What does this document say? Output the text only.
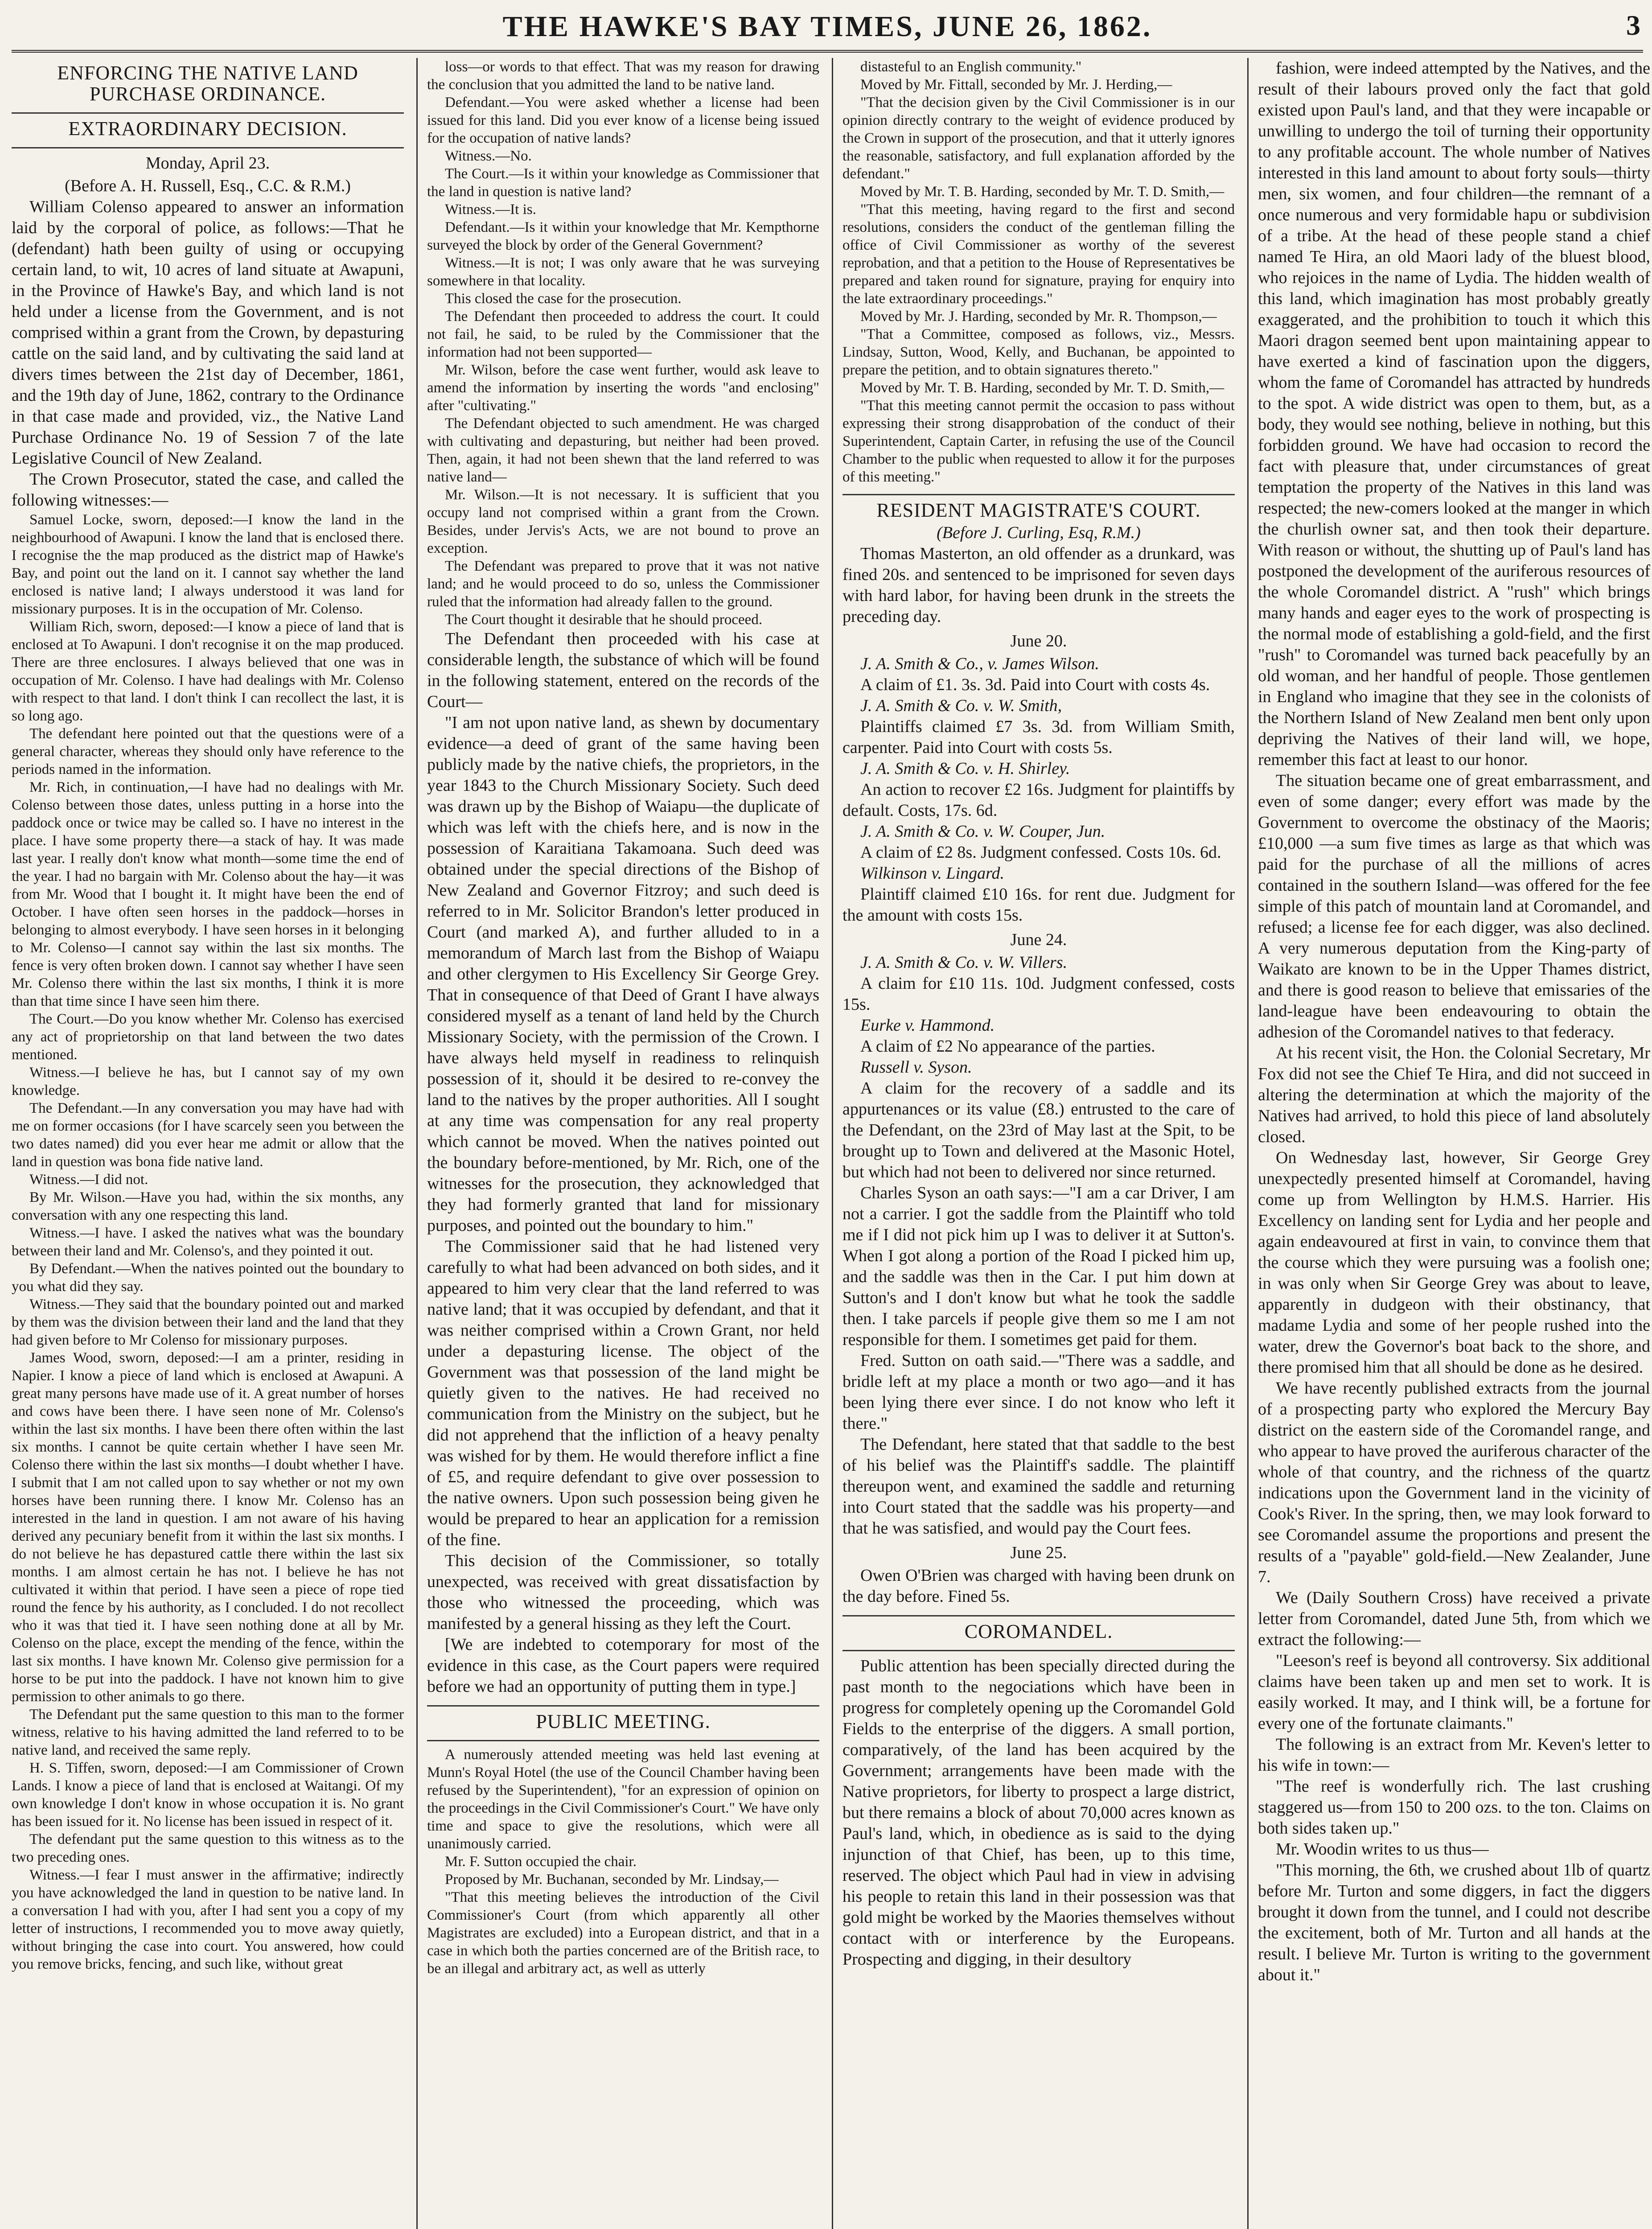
THE HAWKE'S BAY TIMES, JUNE 26, 1862.	3
ENFORCING THE NATIVE LAND PURCHASE ORDINANCE.
EXTRAORDINARY DECISION.
Monday, April 23.
(Before A. H. Russell, Esq., C.C. & R.M.)

William Colenso appeared to answer an information laid by the corporal of police, as follows:—That he (defendant) hath been guilty of using or occupying certain land, to wit, 10 acres of land situate at Awapuni, in the Province of Hawke's Bay, and which land is not held under a license from the Government, and is not comprised within a grant from the Crown, by depasturing cattle on the said land, and by cultivating the said land at divers times between the 21st day of December, 1861, and the 19th day of June, 1862, contrary to the Ordinance in that case made and provided, viz., the Native Land Purchase Ordinance No. 19 of Session 7 of the late Legislative Council of New Zealand.

The Crown Prosecutor, stated the case, and called the following witnesses:—

Samuel Locke, sworn, deposed:—I know the land in the neighbourhood of Awapuni. I know the land that is enclosed there. I recognise the the map produced as the district map of Hawke's Bay, and point out the land on it. I cannot say whether the land enclosed is native land; I always understood it was land for missionary purposes. It is in the occupation of Mr. Colenso.

William Rich, sworn, deposed:—I know a piece of land that is enclosed at To Awapuni. I don't recognise it on the map produced. There are three enclosures. I always believed that one was in occupation of Mr. Colenso. I have had dealings with Mr. Colenso with respect to that land. I don't think I can recollect the last, it is so long ago.

The defendant here pointed out that the questions were of a general character, whereas they should only have reference to the periods named in the information.

Mr. Rich, in continuation,—I have had no dealings with Mr. Colenso between those dates, unless putting in a horse into the paddock once or twice may be called so. I have no interest in the place. I have some property there—a stack of hay. It was made last year. I really don't know what month—some time the end of the year. I had no bargain with Mr. Colenso about the hay—it was from Mr. Wood that I bought it. It might have been the end of October. I have often seen horses in the paddock—horses in belonging to almost everybody. I have seen horses in it belonging to Mr. Colenso—I cannot say within the last six months. The fence is very often broken down. I cannot say whether I have seen Mr. Colenso there within the last six months, I think it is more than that time since I have seen him there.

The Court.—Do you know whether Mr. Colenso has exercised any act of proprietorship on that land between the two dates mentioned.

Witness.—I believe he has, but I cannot say of my own knowledge.

The Defendant.—In any conversation you may have had with me on former occasions (for I have scarcely seen you between the two dates named) did you ever hear me admit or allow that the land in question was bona fide native land.

Witness.—I did not.

By Mr. Wilson.—Have you had, within the six months, any conversation with any one respecting this land.

Witness.—I have. I asked the natives what was the boundary between their land and Mr. Colenso's, and they pointed it out.

By Defendant.—When the natives pointed out the boundary to you what did they say.

Witness.—They said that the boundary pointed out and marked by them was the division between their land and the land that they had given before to Mr Colenso for missionary purposes.

James Wood, sworn, deposed:—I am a printer, residing in Napier. I know a piece of land which is enclosed at Awapuni. A great many persons have made use of it. A great number of horses and cows have been there. I have seen none of Mr. Colenso's within the last six months. I have been there often within the last six months. I cannot be quite certain whether I have seen Mr. Colenso there within the last six months—I doubt whether I have. I submit that I am not called upon to say whether or not my own horses have been running there. I know Mr. Colenso has an interested in the land in question. I am not aware of his having derived any pecuniary benefit from it within the last six months. I do not believe he has depastured cattle there within the last six months. I am almost certain he has not. I believe he has not cultivated it within that period. I have seen a piece of rope tied round the fence by his authority, as I concluded. I do not recollect who it was that tied it. I have seen nothing done at all by Mr. Colenso on the place, except the mending of the fence, within the last six months. I have known Mr. Colenso give permission for a horse to be put into the paddock. I have not known him to give permission to other animals to go there.

The Defendant put the same question to this man to the former witness, relative to his having admitted the land referred to to be native land, and received the same reply.

H. S. Tiffen, sworn, deposed:—I am Commissioner of Crown Lands. I know a piece of land that is enclosed at Waitangi. Of my own knowledge I don't know in whose occupation it is. No grant has been issued for it. No license has been issued in respect of it.

The defendant put the same question to this witness as to the two preceding ones.

Witness.—I fear I must answer in the affirmative; indirectly you have acknowledged the land in question to be native land. In a conversation I had with you, after I had sent you a copy of my letter of instructions, I recommended you to move away quietly, without bringing the case into court. You answered, how could you remove bricks, fencing, and such like, without great

loss—or words to that effect. That was my reason for drawing the conclusion that you admitted the land to be native land.

Defendant.—You were asked whether a license had been issued for this land. Did you ever know of a license being issued for the occupation of native lands?

Witness.—No.

The Court.—Is it within your knowledge as Commissioner that the land in question is native land?

Witness.—It is.

Defendant.—Is it within your knowledge that Mr. Kempthorne surveyed the block by order of the General Government?

Witness.—It is not; I was only aware that he was surveying somewhere in that locality.

This closed the case for the prosecution.

The Defendant then proceeded to address the court. It could not fail, he said, to be ruled by the Commissioner that the information had not been supported—

Mr. Wilson, before the case went further, would ask leave to amend the information by inserting the words "and enclosing" after "cultivating."

The Defendant objected to such amendment. He was charged with cultivating and depasturing, but neither had been proved. Then, again, it had not been shewn that the land referred to was native land—

Mr. Wilson.—It is not necessary. It is sufficient that you occupy land not comprised within a grant from the Crown. Besides, under Jervis's Acts, we are not bound to prove an exception.

The Defendant was prepared to prove that it was not native land; and he would proceed to do so, unless the Commissioner ruled that the information had already fallen to the ground.

The Court thought it desirable that he should proceed.

The Defendant then proceeded with his case at considerable length, the substance of which will be found in the following statement, entered on the records of the Court—

"I am not upon native land, as shewn by documentary evidence—a deed of grant of the same having been publicly made by the native chiefs, the proprietors, in the year 1843 to the Church Missionary Society. Such deed was drawn up by the Bishop of Waiapu—the duplicate of which was left with the chiefs here, and is now in the possession of Karaitiana Takamoana. Such deed was obtained under the special directions of the Bishop of New Zealand and Governor Fitzroy; and such deed is referred to in Mr. Solicitor Brandon's letter produced in Court (and marked A), and further alluded to in a memorandum of March last from the Bishop of Waiapu and other clergymen to His Excellency Sir George Grey. That in consequence of that Deed of Grant I have always considered myself as a tenant of land held by the Church Missionary Society, with the permission of the Crown. I have always held myself in readiness to relinquish possession of it, should it be desired to re-convey the land to the natives by the proper authorities. All I sought at any time was compensation for any real property which cannot be moved. When the natives pointed out the boundary before-mentioned, by Mr. Rich, one of the witnesses for the prosecution, they acknowledged that they had formerly granted that land for missionary purposes, and pointed out the boundary to him."

The Commissioner said that he had listened very carefully to what had been advanced on both sides, and it appeared to him very clear that the land referred to was native land; that it was occupied by defendant, and that it was neither comprised within a Crown Grant, nor held under a depasturing license. The object of the Government was that possession of the land might be quietly given to the natives. He had received no communication from the Ministry on the subject, but he did not apprehend that the infliction of a heavy penalty was wished for by them. He would therefore inflict a fine of £5, and require defendant to give over possession to the native owners. Upon such possession being given he would be prepared to hear an application for a remission of the fine.

This decision of the Commissioner, so totally unexpected, was received with great dissatisfaction by those who witnessed the proceeding, which was manifested by a general hissing as they left the Court.

[We are indebted to cotemporary for most of the evidence in this case, as the Court papers were required before we had an opportunity of putting them in type.]

PUBLIC MEETING.

A numerously attended meeting was held last evening at Munn's Royal Hotel (the use of the Council Chamber having been refused by the Superintendent), "for an expression of opinion on the proceedings in the Civil Commissioner's Court." We have only time and space to give the resolutions, which were all unanimously carried.

Mr. F. Sutton occupied the chair.

Proposed by Mr. Buchanan, seconded by Mr. Lindsay,—

"That this meeting believes the introduction of the Civil Commissioner's Court (from which apparently all other Magistrates are excluded) into a European district, and that in a case in which both the parties concerned are of the British race, to be an illegal and arbitrary act, as well as utterly

distasteful to an English community."

Moved by Mr. Fittall, seconded by Mr. J. Herding,—

"That the decision given by the Civil Commissioner is in our opinion directly contrary to the weight of evidence produced by the Crown in support of the prosecution, and that it utterly ignores the reasonable, satisfactory, and full explanation afforded by the defendant."

Moved by Mr. T. B. Harding, seconded by Mr. T. D. Smith,—

"That this meeting, having regard to the first and second resolutions, considers the conduct of the gentleman filling the office of Civil Commissioner as worthy of the severest reprobation, and that a petition to the House of Representatives be prepared and taken round for signature, praying for enquiry into the late extraordinary proceedings."

Moved by Mr. J. Harding, seconded by Mr. R. Thompson,—

"That a Committee, composed as follows, viz., Messrs. Lindsay, Sutton, Wood, Kelly, and Buchanan, be appointed to prepare the petition, and to obtain signatures thereto."

Moved by Mr. T. B. Harding, seconded by Mr. T. D. Smith,—

"That this meeting cannot permit the occasion to pass without expressing their strong disapprobation of the conduct of their Superintendent, Captain Carter, in refusing the use of the Council Chamber to the public when requested to allow it for the purposes of this meeting."

RESIDENT MAGISTRATE'S COURT.
(Before J. Curling, Esq, R.M.)

Thomas Masterton, an old offender as a drunkard, was fined 20s. and sentenced to be imprisoned for seven days with hard labor, for having been drunk in the streets the preceding day.

June 20.
J. A. Smith & Co., v. James Wilson.

A claim of £1. 3s. 3d. Paid into Court with costs 4s.

J. A. Smith & Co. v. W. Smith,

Plaintiffs claimed £7 3s. 3d. from William Smith, carpenter. Paid into Court with costs 5s.

J. A. Smith & Co. v. H. Shirley.

An action to recover £2 16s. Judgment for plaintiffs by default. Costs, 17s. 6d.

J. A. Smith & Co. v. W. Couper, Jun.

A claim of £2 8s. Judgment confessed. Costs 10s. 6d.

Wilkinson v. Lingard.

Plaintiff claimed £10 16s. for rent due. Judgment for the amount with costs 15s.

June 24.
J. A. Smith & Co. v. W. Villers.

A claim for £10 11s. 10d. Judgment confessed, costs 15s.

Eurke v. Hammond.

A claim of £2 No appearance of the parties.

Russell v. Syson.

A claim for the recovery of a saddle and its appurtenances or its value (£8.) entrusted to the care of the Defendant, on the 23rd of May last at the Spit, to be brought up to Town and delivered at the Masonic Hotel, but which had not been to delivered nor since returned.

Charles Syson an oath says:—"I am a car Driver, I am not a carrier. I got the saddle from the Plaintiff who told me if I did not pick him up I was to deliver it at Sutton's. When I got along a portion of the Road I picked him up, and the saddle was then in the Car. I put him down at Sutton's and I don't know but what he took the saddle then. I take parcels if people give them so me I am not responsible for them. I sometimes get paid for them.

Fred. Sutton on oath said.—"There was a saddle, and bridle left at my place a month or two ago—and it has been lying there ever since. I do not know who left it there."

The Defendant, here stated that that saddle to the best of his belief was the Plaintiff's saddle. The plaintiff thereupon went, and examined the saddle and returning into Court stated that the saddle was his property—and that he was satisfied, and would pay the Court fees.

June 25.

Owen O'Brien was charged with having been drunk on the day before. Fined 5s.

COROMANDEL.

Public attention has been specially directed during the past month to the negociations which have been in progress for completely opening up the Coromandel Gold Fields to the enterprise of the diggers. A small portion, comparatively, of the land has been acquired by the Government; arrangements have been made with the Native proprietors, for liberty to prospect a large district, but there remains a block of about 70,000 acres known as Paul's land, which, in obedience as is said to the dying injunction of that Chief, has been, up to this time, reserved. The object which Paul had in view in advising his people to retain this land in their possession was that gold might be worked by the Maories themselves without contact with or interference by the Europeans. Prospecting and digging, in their desultory

fashion, were indeed attempted by the Natives, and the result of their labours proved only the fact that gold existed upon Paul's land, and that they were incapable or unwilling to undergo the toil of turning their opportunity to any profitable account. The whole number of Natives interested in this land amount to about forty souls—thirty men, six women, and four children—the remnant of a once numerous and very formidable hapu or subdivision of a tribe. At the head of these people stand a chief named Te Hira, an old Maori lady of the bluest blood, who rejoices in the name of Lydia. The hidden wealth of this land, which imagination has most probably greatly exaggerated, and the prohibition to touch it which this Maori dragon seemed bent upon maintaining appear to have exerted a kind of fascination upon the diggers, whom the fame of Coromandel has attracted by hundreds to the spot. A wide district was open to them, but, as a body, they would see nothing, believe in nothing, but this forbidden ground. We have had occasion to record the fact with pleasure that, under circumstances of great temptation the property of the Natives in this land was respected; the new-comers looked at the manger in which the churlish owner sat, and then took their departure. With reason or without, the shutting up of Paul's land has postponed the development of the auriferous resources of the whole Coromandel district. A "rush" which brings many hands and eager eyes to the work of prospecting is the normal mode of establishing a gold-field, and the first "rush" to Coromandel was turned back peacefully by an old woman, and her handful of people. Those gentlemen in England who imagine that they see in the colonists of the Northern Island of New Zealand men bent only upon depriving the Natives of their land will, we hope, remember this fact at least to our honor.

The situation became one of great embarrassment, and even of some danger; every effort was made by the Government to overcome the obstinacy of the Maoris; £10,000 —a sum five times as large as that which was paid for the purchase of all the millions of acres contained in the southern Island—was offered for the fee simple of this patch of mountain land at Coromandel, and refused; a license fee for each digger, was also declined. A very numerous deputation from the King-party of Waikato are known to be in the Upper Thames district, and there is good reason to believe that emissaries of the land-league have been endeavouring to obtain the adhesion of the Coromandel natives to that federacy.

At his recent visit, the Hon. the Colonial Secretary, Mr Fox did not see the Chief Te Hira, and did not succeed in altering the determination at which the majority of the Natives had arrived, to hold this piece of land absolutely closed.

On Wednesday last, however, Sir George Grey unexpectedly presented himself at Coromandel, having come up from Wellington by H.M.S. Harrier. His Excellency on landing sent for Lydia and her people and again endeavoured at first in vain, to convince them that the course which they were pursuing was a foolish one; in was only when Sir George Grey was about to leave, apparently in dudgeon with their obstinancy, that madame Lydia and some of her people rushed into the water, drew the Governor's boat back to the shore, and there promised him that all should be done as he desired.

We have recently published extracts from the journal of a prospecting party who explored the Mercury Bay district on the eastern side of the Coromandel range, and who appear to have proved the auriferous character of the whole of that country, and the richness of the quartz indications upon the Government land in the vicinity of Cook's River. In the spring, then, we may look forward to see Coromandel assume the proportions and present the results of a "payable" gold-field.—New Zealander, June 7.

We (Daily Southern Cross) have received a private letter from Coromandel, dated June 5th, from which we extract the following:—

"Leeson's reef is beyond all controversy. Six additional claims have been taken up and men set to work. It is easily worked. It may, and I think will, be a fortune for every one of the fortunate claimants."

The following is an extract from Mr. Keven's letter to his wife in town:—

"The reef is wonderfully rich. The last crushing staggered us—from 150 to 200 ozs. to the ton. Claims on both sides taken up."

Mr. Woodin writes to us thus—

"This morning, the 6th, we crushed about 1lb of quartz before Mr. Turton and some diggers, in fact the diggers brought it down from the tunnel, and I could not describe the excitement, both of Mr. Turton and all hands at the result. I believe Mr. Turton is writing to the government about it."
